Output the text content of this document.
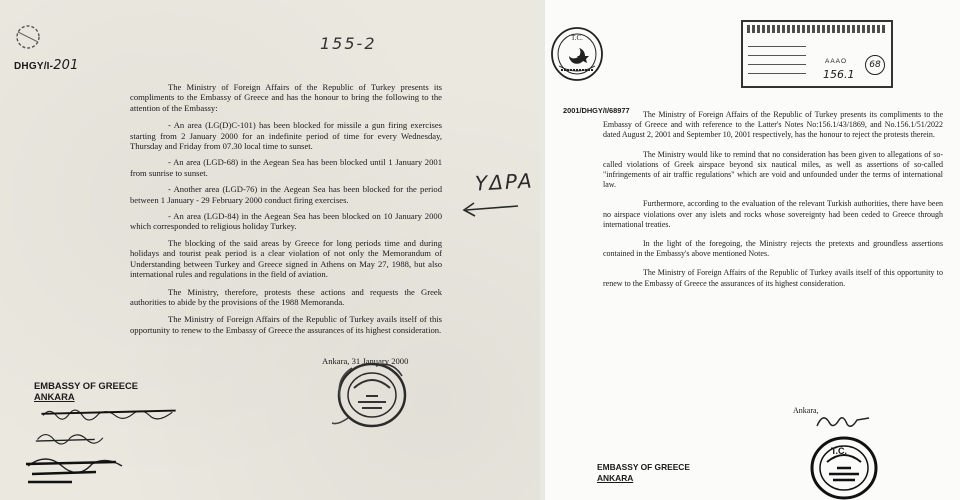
155-2
DHGY/I-201

The Ministry of Foreign Affairs of the Republic of Turkey presents its compliments to the Embassy of Greece and has the honour to bring the following to the attention of the Embassy:

- An area (LG(D)C-101) has been blocked for missile a gun firing exercises starting from 2 January 2000 for an indefinite period of time for every Wednesday, Thursday and Friday from 07.30 local time to sunset.

- An area (LGD-68) in the Aegean Sea has been blocked until 1 January 2001 from sunrise to sunset.

- Another area (LGD-76) in the Aegean Sea has been blocked for the period between 1 January - 29 February 2000 conduct firing exercises.

- An area (LGD-84) in the Aegean Sea has been blocked on 10 January 2000 which corresponded to religious holiday Turkey.

The blocking of the said areas by Greece for long periods time and during holidays and tourist peak period is a clear violation of not only the Memorandum of Understanding between Turkey and Greece signed in Athens on May 27, 1988, but also international rules and regulations in the field of aviation.

The Ministry, therefore, protests these actions and requests the Greek authorities to abide by the provisions of the 1988 Memoranda.

The Ministry of Foreign Affairs of the Republic of Turkey avails itself of this opportunity to renew to the Embassy of Greece the assurances of its highest consideration.

Ankara, 31 January 2000
EMBASSY OF GREECE
ANKARA
YΔPA
T.C.
AAAO
156.1
68
2001/DHGY/I/68977	The Ministry of Foreign Affairs of the Republic of Turkey presents its compliments to the Embassy of Greece and with reference to the Latter's Notes No:156.1/43/1869, and No.156.1/51/2022 dated August 2, 2001 and September 10, 2001 respectively, has the honour to reject the protests therein.

The Ministry would like to remind that no consideration has been given to allegations of so-called violations of Greek airspace beyond six nautical miles, as well as assertions of so-called "infringements of air traffic regulations" which are void and unfounded under the terms of international law.

Furthermore, according to the evaluation of the relevant Turkish authorities, there have been no airspace violations over any islets and rocks whose sovereignty had been ceded to Greece through international treaties.

In the light of the foregoing, the Ministry rejects the pretexts and groundless assertions contained in the Embassy's above mentioned Notes.

The Ministry of Foreign Affairs of the Republic of Turkey avails itself of this opportunity to renew to the Embassy of Greece the assurances of its highest consideration.

Ankara,
T.C.
EMBASSY OF GREECE
ANKARA
